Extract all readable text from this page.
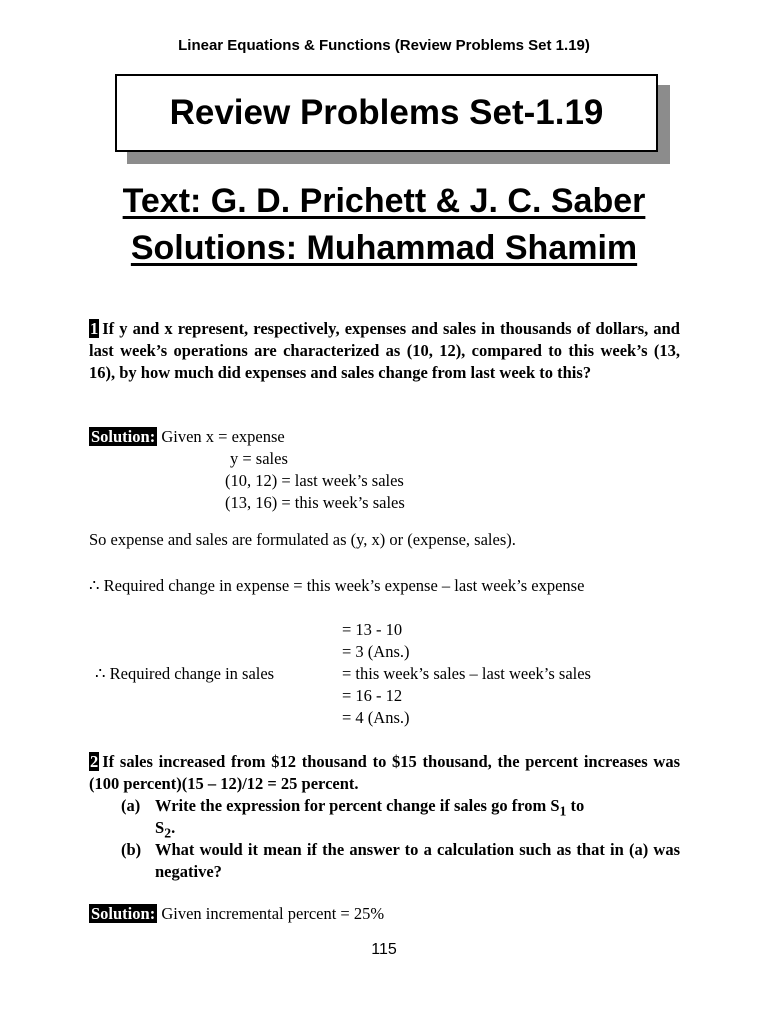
Linear Equations & Functions (Review Problems Set 1.19)
Review Problems Set-1.19
Text: G. D. Prichett & J. C. Saber
Solutions: Muhammad Shamim
1 If y and x represent, respectively, expenses and sales in thousands of dollars, and last week’s operations are characterized as (10, 12), compared to this week’s (13, 16), by how much did expenses and sales change from last week to this?
Solution: Given x = expense
y = sales
(10, 12) = last week’s sales
(13, 16) = this week’s sales
So expense and sales are formulated as (y, x) or (expense, sales).
∴ Required change in expense = this week’s expense – last week’s expense
= 13 - 10
= 3 (Ans.)
∴ Required change in sales	= this week’s sales – last week’s sales
= 16 - 12
= 4 (Ans.)
2 If sales increased from $12 thousand to $15 thousand, the percent increases was (100 percent)(15 – 12)/12 = 25 percent.
(a) Write the expression for percent change if sales go from $S_1$ to
$S_2$.
(b) What would it mean if the answer to a calculation such as that in (a) was negative?
Solution: Given incremental percent = 25%
115
